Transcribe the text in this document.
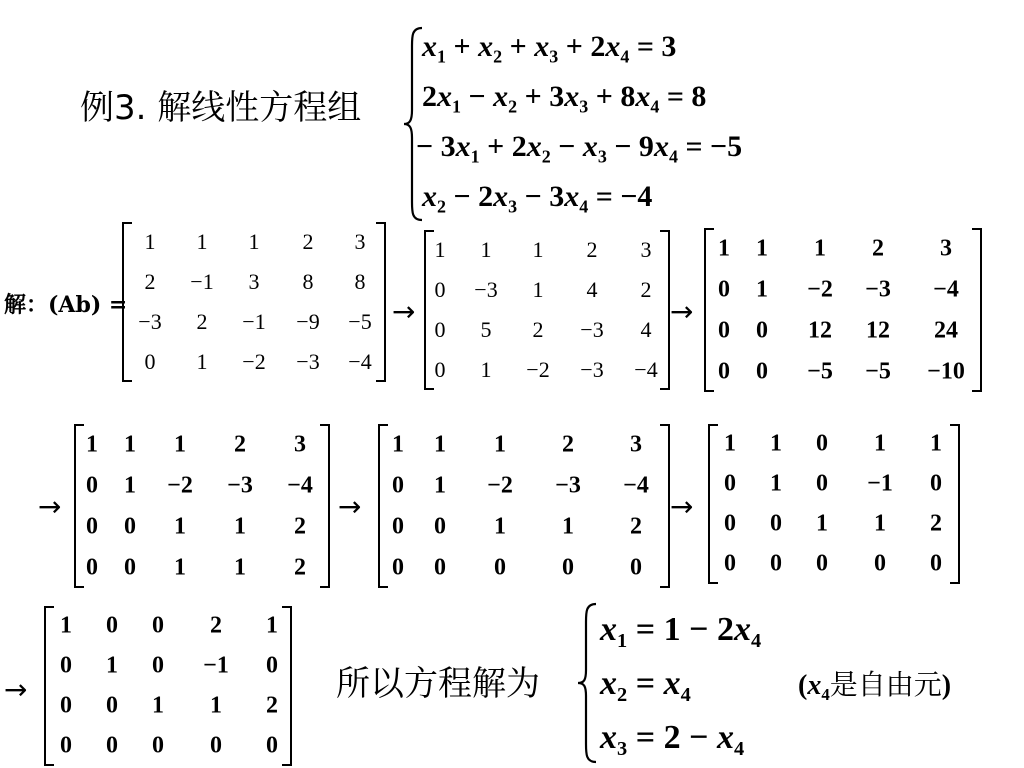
例3. 解线性方程组
$x_1 + x_2 + x_3 + 2x_4 = 3$
$2x_1 - x_2 + 3x_3 + 8x_4 = 8$
− $3x_1 + 2x_2 - x_3 - 9x_4 = -5$
$x_2 - 2x_3 - 3x_4 = -4$
解：(Ab) =
1	1	1	2	3
2	−1	3	8	8
−3	2	−1	−9	−5
0	1	−2	−3	−4
→
1	1	1	2	3
0	−3	1	4	2
0	5	2	−3	4
0	1	−2	−3	−4
→
1	1	1	2	3
0	1	−2	−3	−4
0	0	12	12	24
0	0	−5	−5	−10
→
1	1	1	2	3
0	1	−2	−3	−4
0	0	1	1	2
0	0	1	1	2
→
1	1	1	2	3
0	1	−2	−3	−4
0	0	1	1	2
0	0	0	0	0
→
1	1	0	1	1
0	1	0	−1	0
0	0	1	1	2
0	0	0	0	0
→
1	0	0	2	1
0	1	0	−1	0
0	0	1	1	2
0	0	0	0	0
所以方程解为
$x_1 = 1 - 2x_4$
$x_2 = x_4$
$x_3 = 2 - x_4$
($x_4$是自由元)
